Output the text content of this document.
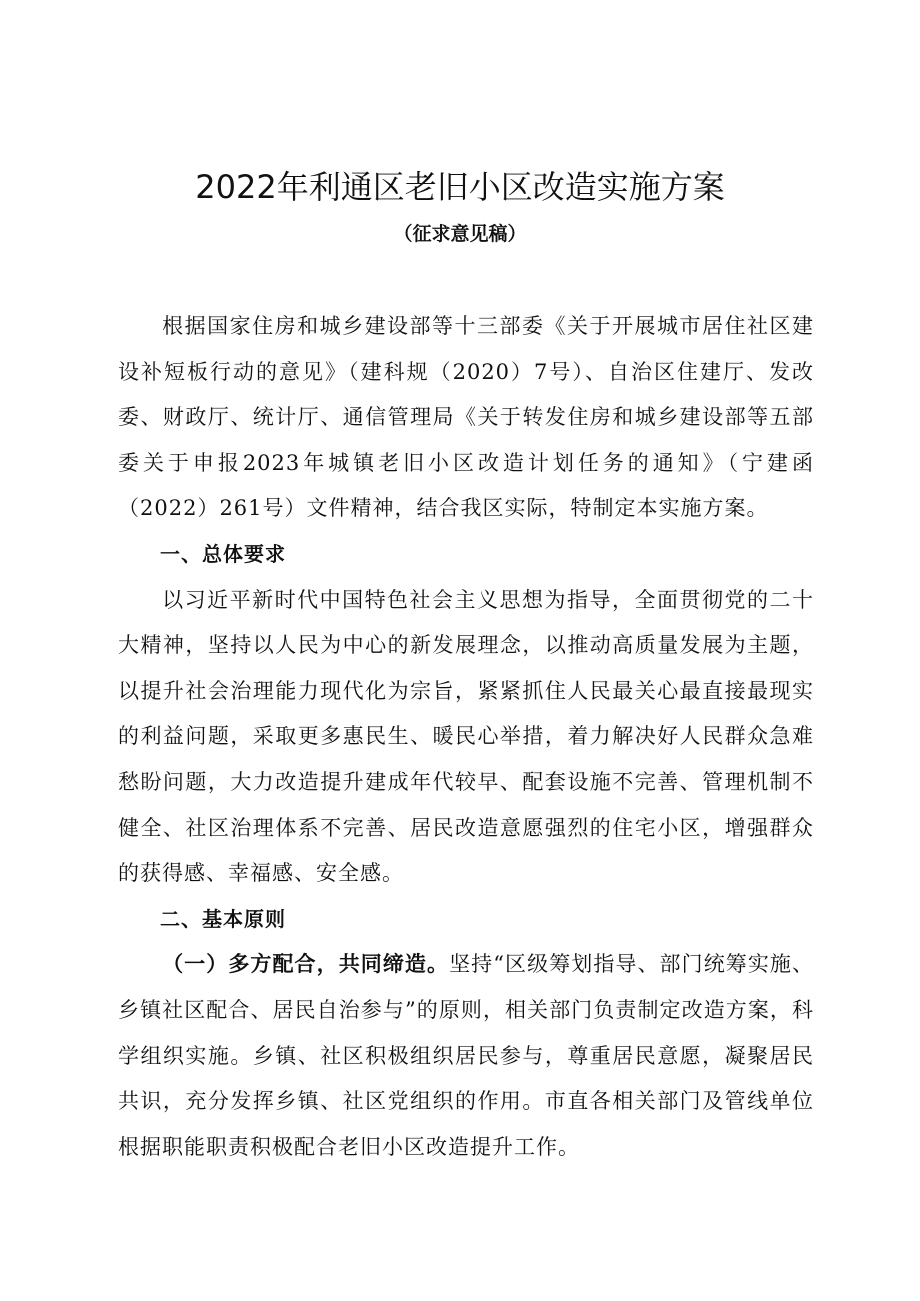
2022年利通区老旧小区改造实施方案
（征求意见稿）

根据国家住房和城乡建设部等十三部委《关于开展城市居住社区建设补短板行动的意见》（建科规（2020）7号）、自治区住建厅、发改委、财政厅、统计厅、通信管理局《关于转发住房和城乡建设部等五部委关于申报2023年城镇老旧小区改造计划任务的通知》（宁建函（2022）261号）文件精神，结合我区实际，特制定本实施方案。

一、总体要求

以习近平新时代中国特色社会主义思想为指导，全面贯彻党的二十大精神，坚持以人民为中心的新发展理念，以推动高质量发展为主题，以提升社会治理能力现代化为宗旨，紧紧抓住人民最关心最直接最现实的利益问题，采取更多惠民生、暖民心举措，着力解决好人民群众急难愁盼问题，大力改造提升建成年代较早、配套设施不完善、管理机制不健全、社区治理体系不完善、居民改造意愿强烈的住宅小区，增强群众的获得感、幸福感、安全感。

二、基本原则

（一）多方配合，共同缔造。坚持“区级筹划指导、部门统筹实施、乡镇社区配合、居民自治参与”的原则，相关部门负责制定改造方案，科学组织实施。乡镇、社区积极组织居民参与，尊重居民意愿，凝聚居民共识，充分发挥乡镇、社区党组织的作用。市直各相关部门及管线单位根据职能职责积极配合老旧小区改造提升工作。
